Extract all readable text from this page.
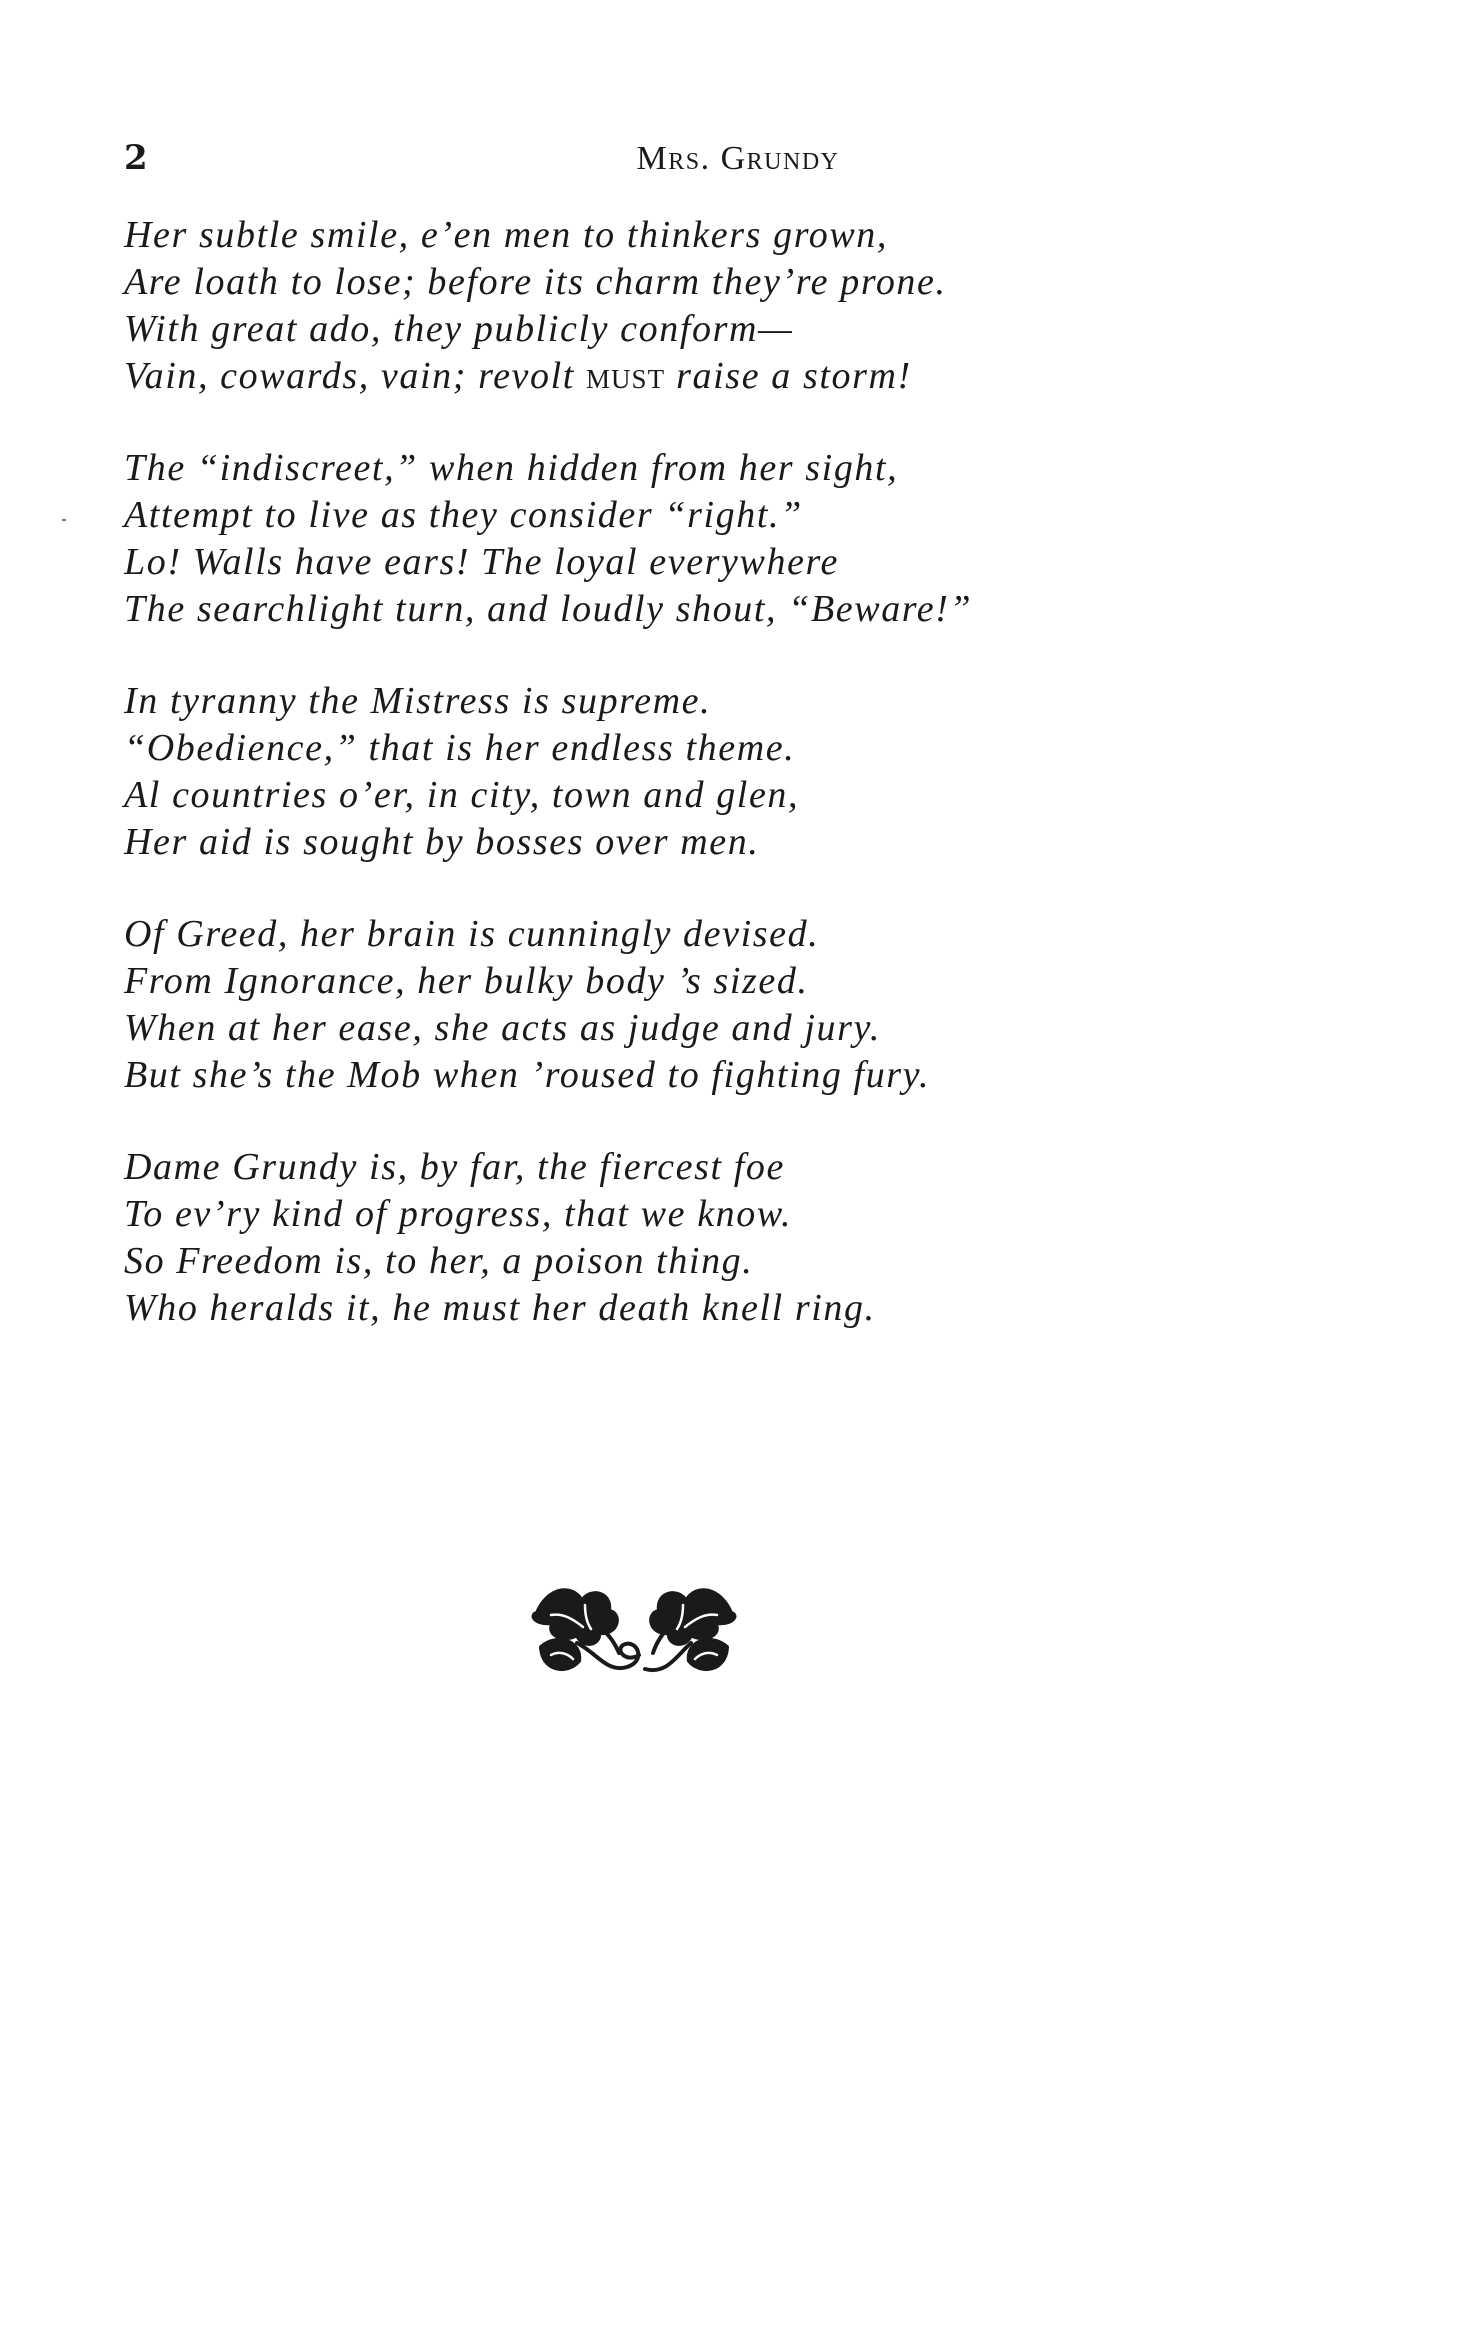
2	Mrs. Grundy
Her subtle smile, e’en men to thinkers grown,
Are loath to lose; before its charm they’re prone.
With great ado, they publicly conform—
Vain, cowards, vain; revolt must raise a storm!
The “indiscreet,” when hidden from her sight,
Attempt to live as they consider “right.”
Lo! Walls have ears! The loyal everywhere
The searchlight turn, and loudly shout, “Beware!”
In tyranny the Mistress is supreme.
“Obedience,” that is her endless theme.
Al countries o’er, in city, town and glen,
Her aid is sought by bosses over men.
Of Greed, her brain is cunningly devised.
From Ignorance, her bulky body ’s sized.
When at her ease, she acts as judge and jury.
But she’s the Mob when ’roused to fighting fury.
Dame Grundy is, by far, the fiercest foe
To ev’ry kind of progress, that we know.
So Freedom is, to her, a poison thing.
Who heralds it, he must her death knell ring.
